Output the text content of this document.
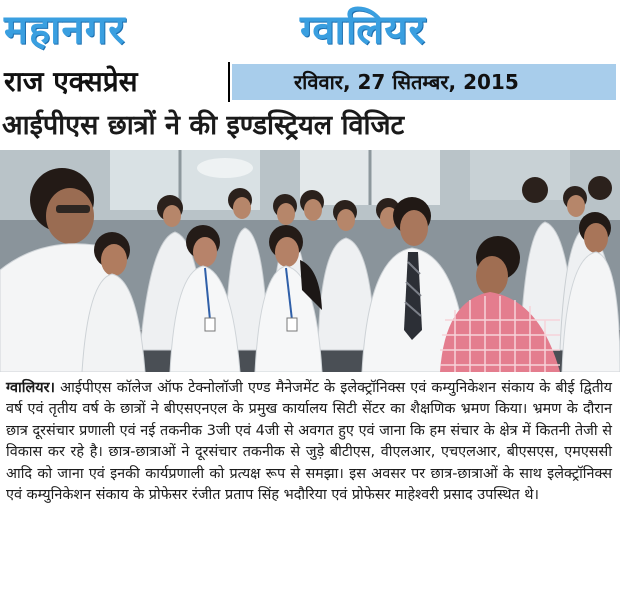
महानगर	ग्वालियर
राज एक्सप्रेस	रविवार, 27 सितम्बर, 2015
आईपीएस छात्रों ने की इण्डस्ट्रियल विजिट
ग्वालियर। आईपीएस कॉलेज ऑफ टेक्नोलॉजी एण्ड मैनेजमेंट के इलेक्ट्रॉनिक्स एवं कम्युनिकेशन संकाय के बीई द्वितीय वर्ष एवं तृतीय वर्ष के छात्रों ने बीएसएनएल के प्रमुख कार्यालय सिटी सेंटर का शैक्षणिक भ्रमण किया। भ्रमण के दौरान छात्र दूरसंचार प्रणाली एवं नई तकनीक 3जी एवं 4जी से अवगत हुए एवं जाना कि हम संचार के क्षेत्र में कितनी तेजी से विकास कर रहे है। छात्र-छात्राओं ने दूरसंचार तकनीक से जुड़े बीटीएस, वीएलआर, एचएलआर, बीएसएस, एमएससी आदि को जाना एवं इनकी कार्यप्रणाली को प्रत्यक्ष रूप से समझा। इस अवसर पर छात्र-छात्राओं के साथ इलेक्ट्रॉनिक्स एवं कम्युनिकेशन संकाय के प्रोफेसर रंजीत प्रताप सिंह भदौरिया एवं प्रोफेसर माहेश्वरी प्रसाद उपस्थित थे।
